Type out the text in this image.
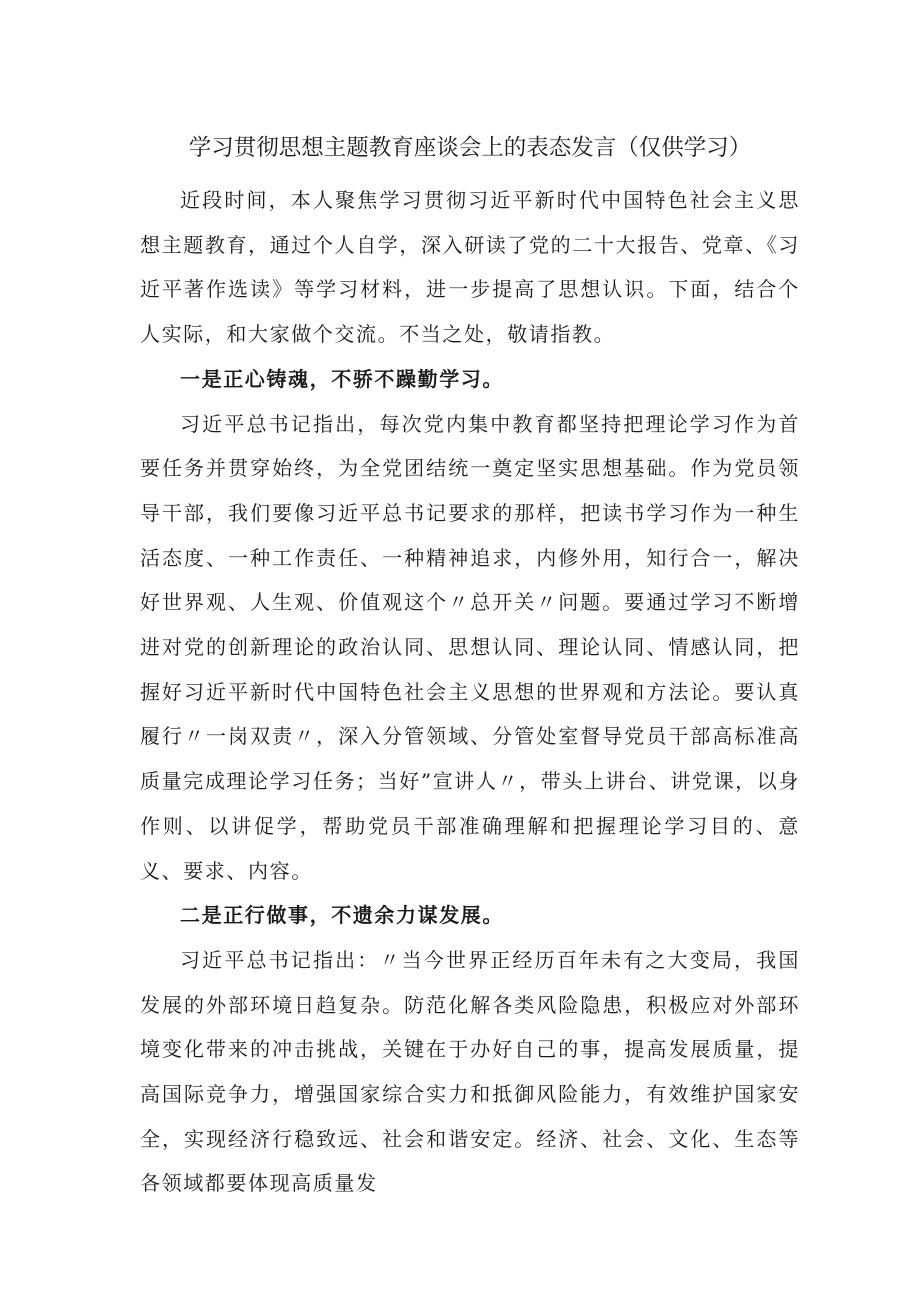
学习贯彻思想主题教育座谈会上的表态发言（仅供学习）

近段时间，本人聚焦学习贯彻习近平新时代中国特色社会主义思想主题教育，通过个人自学，深入研读了党的二十大报告、党章、《习近平著作选读》等学习材料，进一步提高了思想认识。下面，结合个人实际，和大家做个交流。不当之处，敬请指教。

一是正心铸魂，不骄不躁勤学习。

习近平总书记指出，每次党内集中教育都坚持把理论学习作为首要任务并贯穿始终，为全党团结统一奠定坚实思想基础。作为党员领导干部，我们要像习近平总书记要求的那样，把读书学习作为一种生活态度、一种工作责任、一种精神追求，内修外用，知行合一，解决好世界观、人生观、价值观这个〃总开关〃问题。要通过学习不断增进对党的创新理论的政治认同、思想认同、理论认同、情感认同，把握好习近平新时代中国特色社会主义思想的世界观和方法论。要认真履行〃一岗双责〃，深入分管领域、分管处室督导党员干部高标准高质量完成理论学习任务；当好”宣讲人〃，带头上讲台、讲党课，以身作则、以讲促学，帮助党员干部准确理解和把握理论学习目的、意义、要求、内容。

二是正行做事，不遗余力谋发展。

习近平总书记指出：〃当今世界正经历百年未有之大变局，我国发展的外部环境日趋复杂。防范化解各类风险隐患，积极应对外部环境变化带来的冲击挑战，关键在于办好自己的事，提高发展质量，提高国际竞争力，增强国家综合实力和抵御风险能力，有效维护国家安全，实现经济行稳致远、社会和谐安定。经济、社会、文化、生态等各领域都要体现高质量发
